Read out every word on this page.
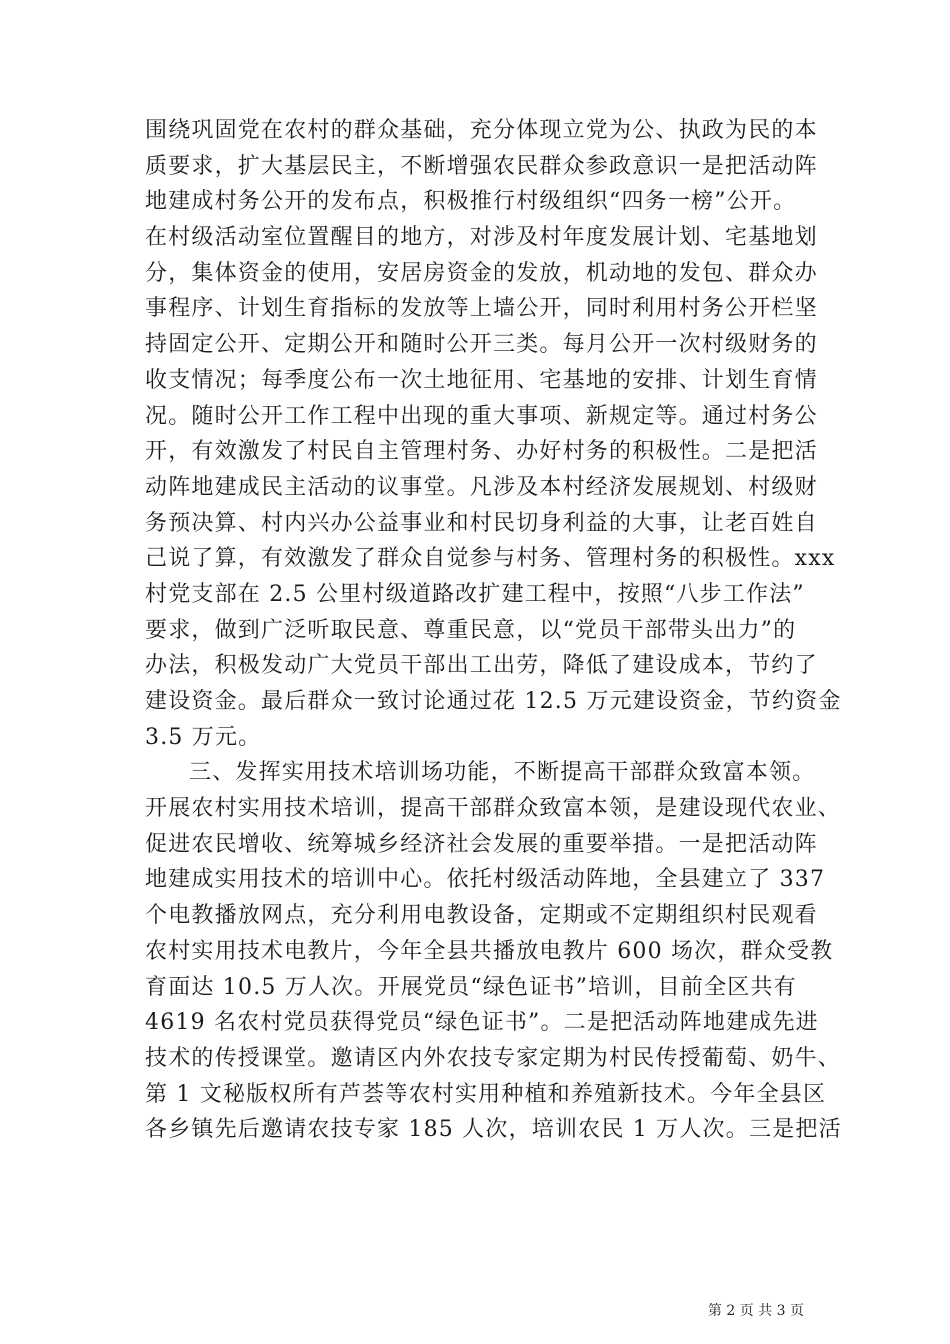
围绕巩固党在农村的群众基础，充分体现立党为公、执政为民的本
质要求，扩大基层民主，不断增强农民群众参政意识一是把活动阵
地建成村务公开的发布点，积极推行村级组织“四务一榜”公开。
在村级活动室位置醒目的地方，对涉及村年度发展计划、宅基地划
分，集体资金的使用，安居房资金的发放，机动地的发包、群众办
事程序、计划生育指标的发放等上墙公开，同时利用村务公开栏坚
持固定公开、定期公开和随时公开三类。每月公开一次村级财务的
收支情况；每季度公布一次土地征用、宅基地的安排、计划生育情
况。随时公开工作工程中出现的重大事项、新规定等。通过村务公
开，有效激发了村民自主管理村务、办好村务的积极性。二是把活
动阵地建成民主活动的议事堂。凡涉及本村经济发展规划、村级财
务预决算、村内兴办公益事业和村民切身利益的大事，让老百姓自
己说了算，有效激发了群众自觉参与村务、管理村务的积极性。xxx
村党支部在 2.5 公里村级道路改扩建工程中，按照“八步工作法”
要求，做到广泛听取民意、尊重民意，以“党员干部带头出力”的
办法，积极发动广大党员干部出工出劳，降低了建设成本，节约了
建设资金。最后群众一致讨论通过花 12.5 万元建设资金，节约资金
3.5 万元。
三、发挥实用技术培训场功能，不断提高干部群众致富本领。
开展农村实用技术培训，提高干部群众致富本领，是建设现代农业、
促进农民增收、统筹城乡经济社会发展的重要举措。一是把活动阵
地建成实用技术的培训中心。依托村级活动阵地，全县建立了 337
个电教播放网点，充分利用电教设备，定期或不定期组织村民观看
农村实用技术电教片，今年全县共播放电教片 600 场次，群众受教
育面达 10.5 万人次。开展党员“绿色证书”培训，目前全区共有
4619 名农村党员获得党员“绿色证书”。二是把活动阵地建成先进
技术的传授课堂。邀请区内外农技专家定期为村民传授葡萄、奶牛、
第 1 文秘版权所有芦荟等农村实用种植和养殖新技术。今年全县区
各乡镇先后邀请农技专家 185 人次，培训农民 1 万人次。三是把活
第 2 页 共 3 页
